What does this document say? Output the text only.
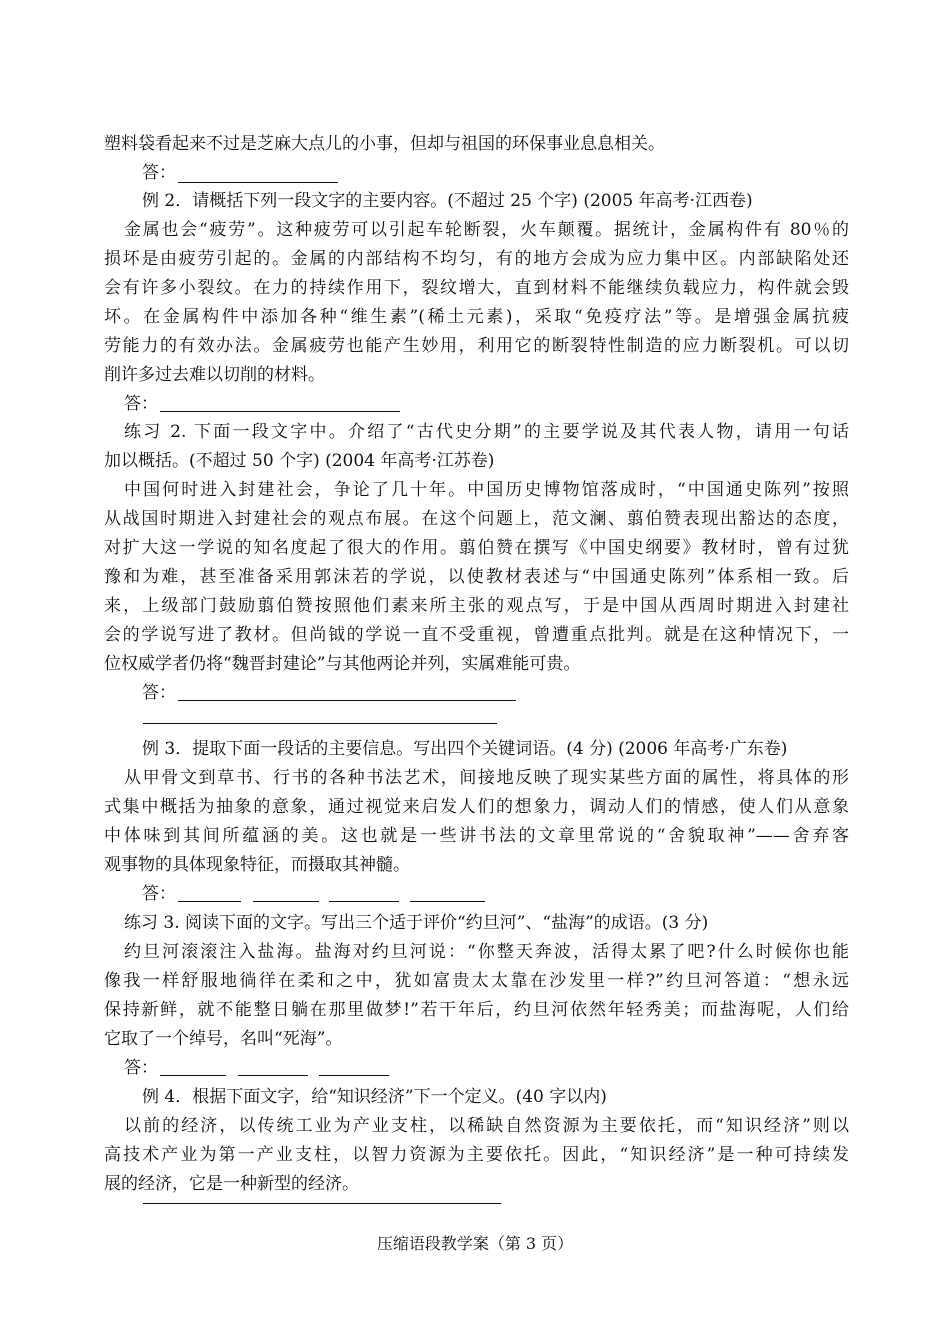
塑料袋看起来不过是芝麻大点儿的小事，但却与祖国的环保事业息息相关。
答：
例 2．请概括下列一段文字的主要内容。(不超过 25 个字) (2005 年高考·江西卷)
金属也会“疲劳”。这种疲劳可以引起车轮断裂，火车颠覆。据统计，金属构件有 80％的
损坏是由疲劳引起的。金属的内部结构不均匀，有的地方会成为应力集中区。内部缺陷处还
会有许多小裂纹。在力的持续作用下，裂纹增大，直到材料不能继续负载应力，构件就会毁
坏。在金属构件中添加各种“维生素”(稀土元素)，采取“免疫疗法”等。是增强金属抗疲
劳能力的有效办法。金属疲劳也能产生妙用，利用它的断裂特性制造的应力断裂机。可以切
削许多过去难以切削的材料。
答：
练习 2. 下面一段文字中。介绍了“古代史分期”的主要学说及其代表人物，请用一句话
加以概括。(不超过 50 个字) (2004 年高考·江苏卷)
中国何时进入封建社会，争论了几十年。中国历史博物馆落成时，“中国通史陈列”按照
从战国时期进入封建社会的观点布展。在这个问题上，范文澜、翦伯赞表现出豁达的态度，
对扩大这一学说的知名度起了很大的作用。翦伯赞在撰写《中国史纲要》教材时，曾有过犹
豫和为难，甚至准备采用郭沫若的学说，以使教材表述与“中国通史陈列”体系相一致。后
来，上级部门鼓励翦伯赞按照他们素来所主张的观点写，于是中国从西周时期进入封建社
会的学说写进了教材。但尚钺的学说一直不受重视，曾遭重点批判。就是在这种情况下，一
位权威学者仍将“魏晋封建论”与其他两论并列，实属难能可贵。
答：
例 3．提取下面一段话的主要信息。写出四个关键词语。(4 分) (2006 年高考·广东卷)
从甲骨文到草书、行书的各种书法艺术，间接地反映了现实某些方面的属性，将具体的形
式集中概括为抽象的意象，通过视觉来启发人们的想象力，调动人们的情感，使人们从意象
中体味到其间所蕴涵的美。这也就是一些讲书法的文章里常说的“舍貌取神”——舍弃客
观事物的具体现象特征，而摄取其神髓。
答：
练习 3. 阅读下面的文字。写出三个适于评价“约旦河”、“盐海”的成语。(3 分)
约旦河滚滚注入盐海。盐海对约旦河说：“你整天奔波，活得太累了吧?什么时候你也能
像我一样舒服地徜徉在柔和之中，犹如富贵太太靠在沙发里一样?”约旦河答道：“想永远
保持新鲜，就不能整日躺在那里做梦!”若干年后，约旦河依然年轻秀美；而盐海呢，人们给
它取了一个绰号，名叫“死海”。
答：
例 4．根据下面文字，给“知识经济”下一个定义。(40 字以内)
以前的经济，以传统工业为产业支柱，以稀缺自然资源为主要依托，而“知识经济”则以
高技术产业为第一产业支柱，以智力资源为主要依托。因此，“知识经济”是一种可持续发
展的经济，它是一种新型的经济。
压缩语段教学案（第 3 页）
